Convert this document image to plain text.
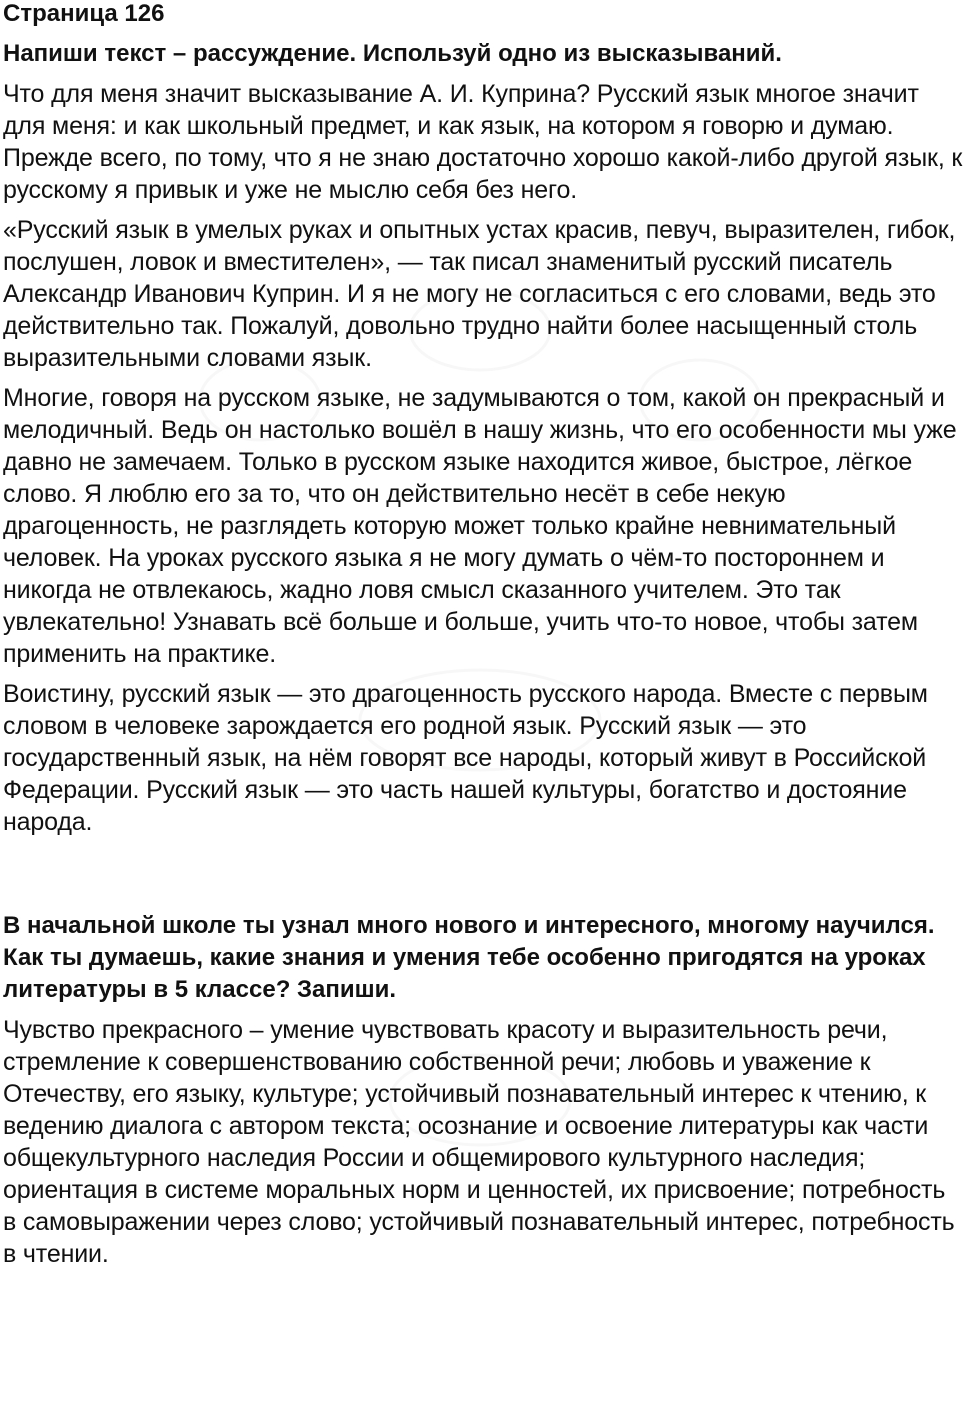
Страница 126
Напиши текст – рассуждение. Используй одно из высказываний.

Что для меня значит высказывание А. И. Куприна? Русский язык многое значит для меня: и как школьный предмет, и как язык, на котором я говорю и думаю. Прежде всего, по тому, что я не знаю достаточно хорошо какой-либо другой язык, к русскому я привык и уже не мыслю себя без него.

«Русский язык в умелых руках и опытных устах красив, певуч, выразителен, гибок, послушен, ловок и вместителен», — так писал знаменитый русский писатель Александр Иванович Куприн. И я не могу не согласиться с его словами, ведь это действительно так. Пожалуй, довольно трудно найти более насыщенный столь выразительными словами язык.

Многие, говоря на русском языке, не задумываются о том, какой он прекрасный и мелодичный. Ведь он настолько вошёл в нашу жизнь, что его особенности мы уже давно не замечаем. Только в русском языке находится живое, быстрое, лёгкое слово. Я люблю его за то, что он действительно несёт в себе некую драгоценность, не разглядеть которую может только крайне невнимательный человек. На уроках русского языка я не могу думать о чём-то постороннем и никогда не отвлекаюсь, жадно ловя смысл сказанного учителем. Это так увлекательно! Узнавать всё больше и больше, учить что-то новое, чтобы затем применить на практике.

Воистину, русский язык — это драгоценность русского народа. Вместе с первым словом в человеке зарождается его родной язык. Русский язык — это государственный язык, на нём говорят все народы, который живут в Российской Федерации. Русский язык — это часть нашей культуры, богатство и достояние народа.

В начальной школе ты узнал много нового и интересного, многому научился. Как ты думаешь, какие знания и умения тебе особенно пригодятся на уроках литературы в 5 классе? Запиши.

Чувство прекрасного – умение чувствовать красоту и выразительность речи, стремление к совершенствованию собственной речи; любовь и уважение к Отечеству, его языку, культуре; устойчивый познавательный интерес к чтению, к ведению диалога с автором текста; осознание и освоение литературы как части общекультурного наследия России и общемирового культурного наследия; ориентация в системе моральных норм и ценностей, их присвоение; потребность в самовыражении через слово; устойчивый познавательный интерес, потребность в чтении.
